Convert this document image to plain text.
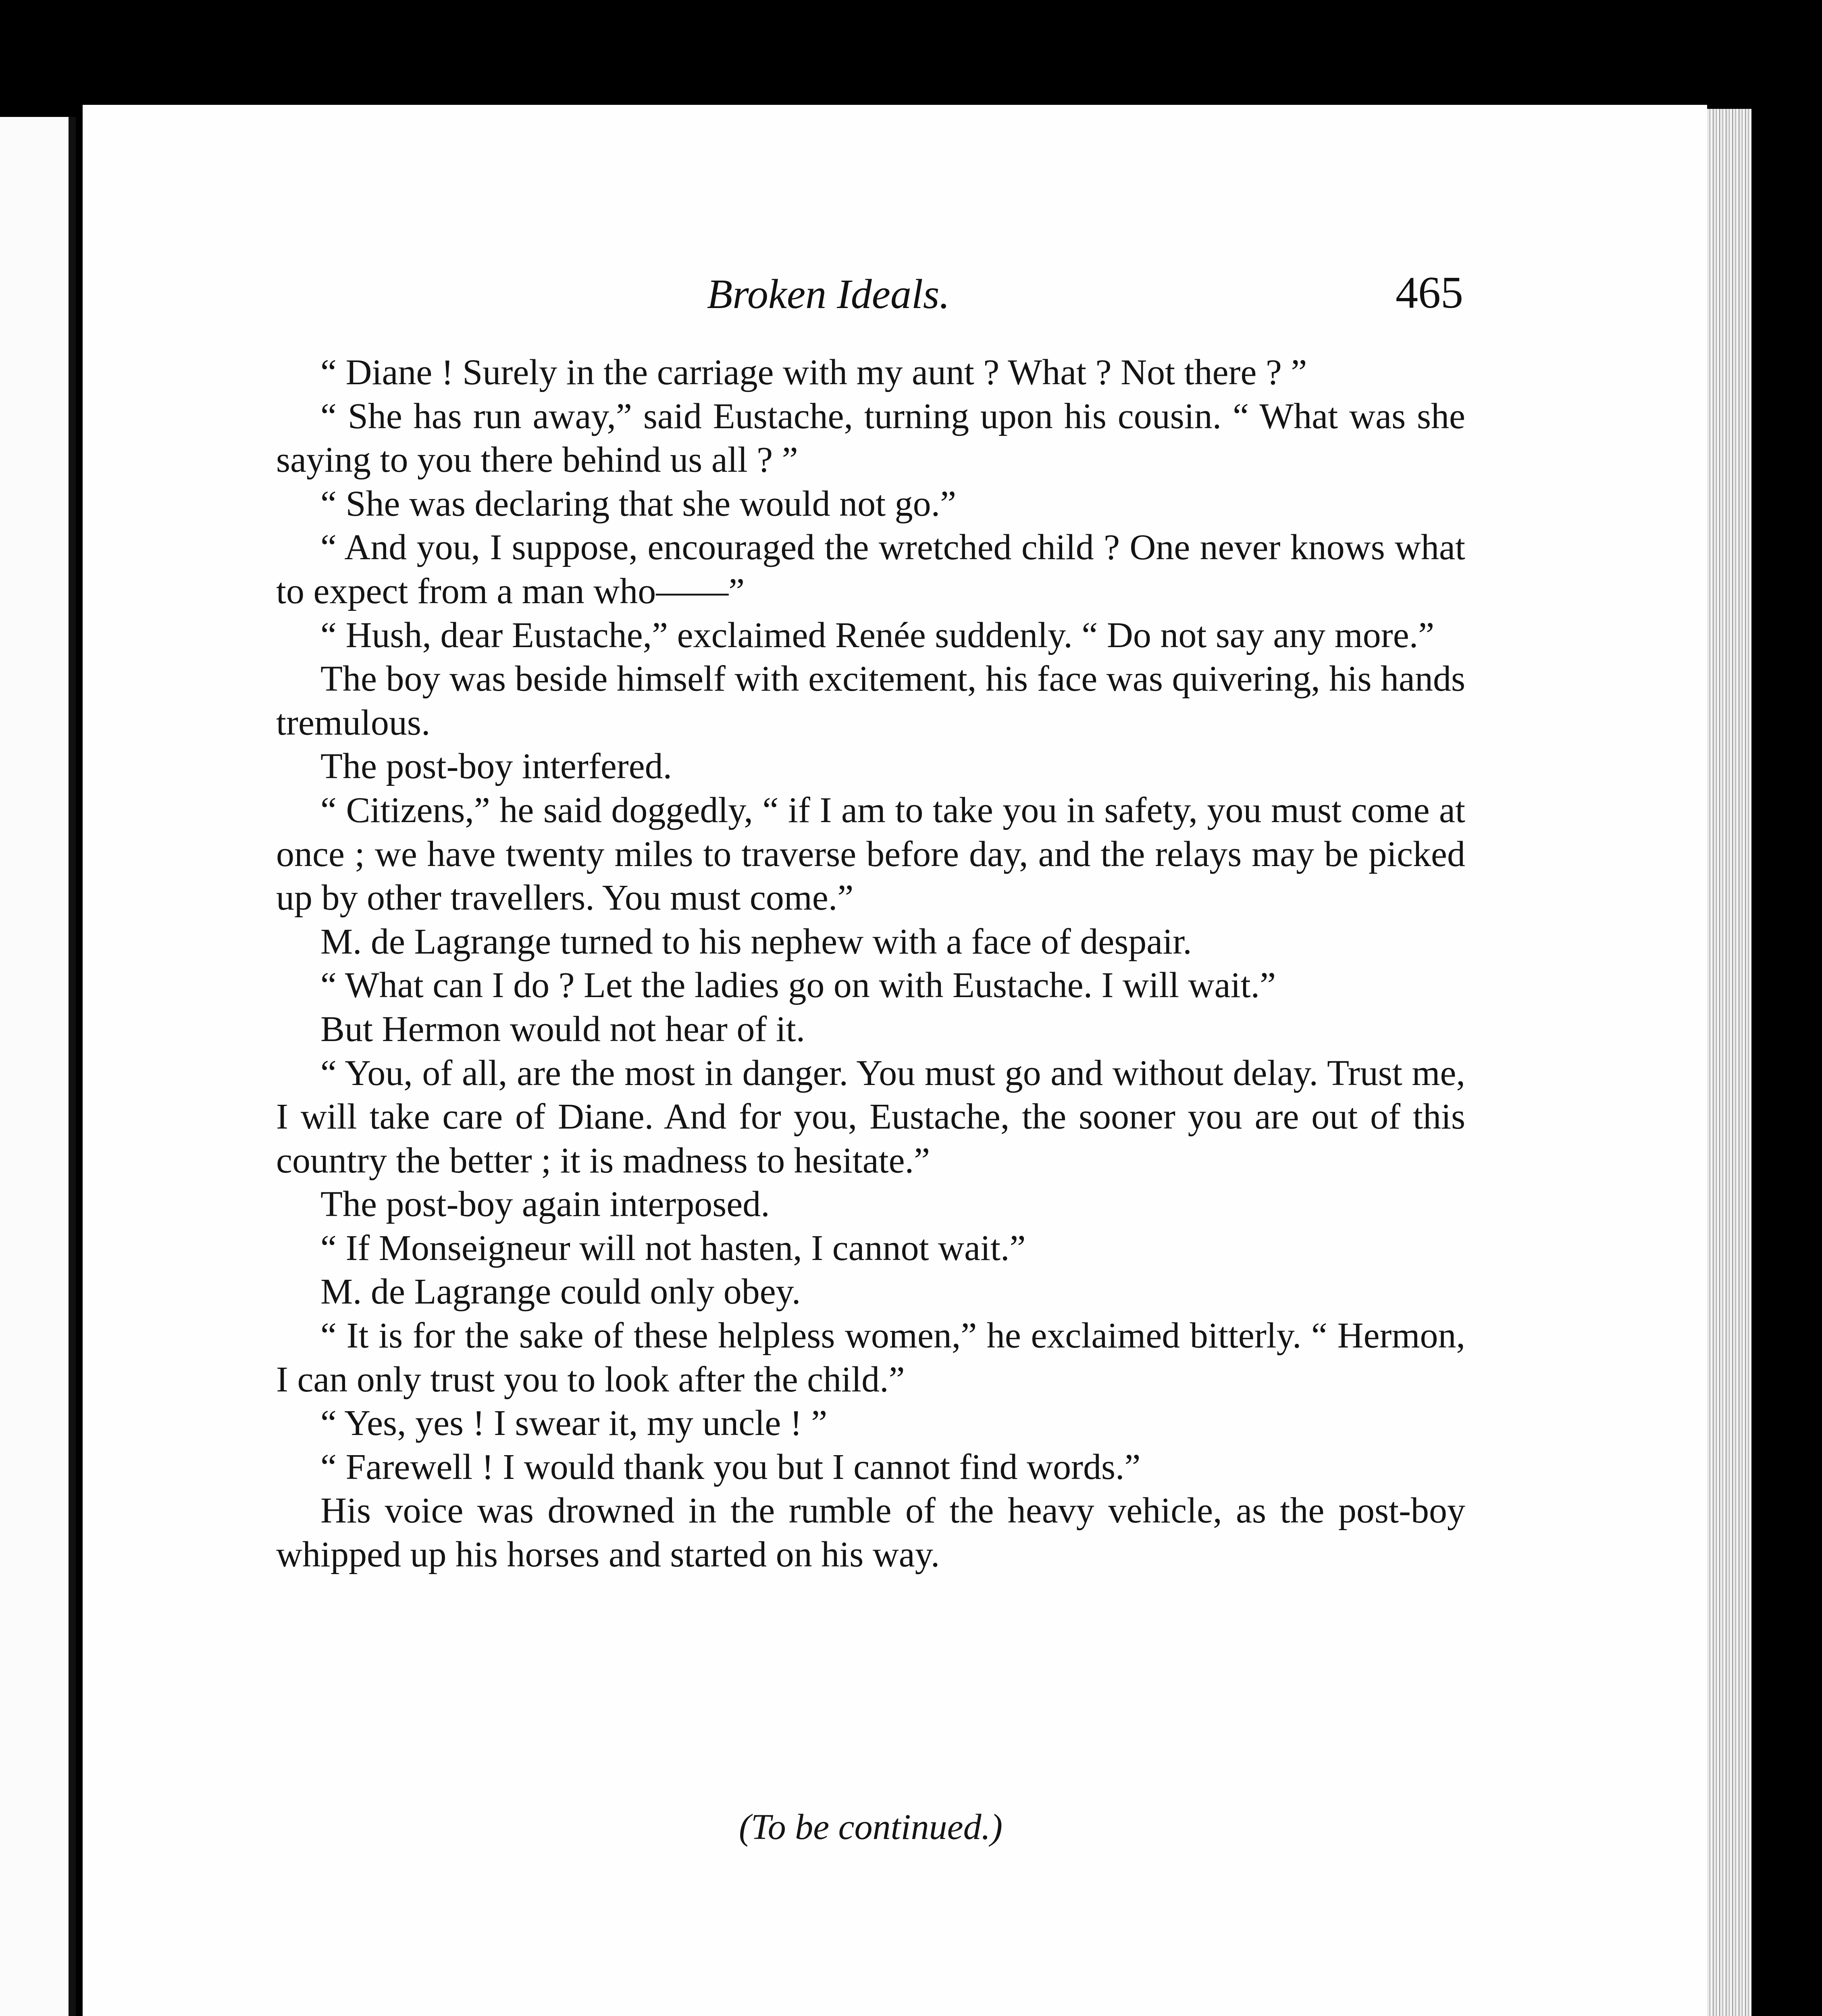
Broken Ideals.	465

“ Diane ! Surely in the carriage with my aunt ? What ? Not there ? ”

“ She has run away,” said Eustache, turning upon his cousin. “ What was she saying to you there behind us all ? ”

“ She was declaring that she would not go.”

“ And you, I suppose, encouraged the wretched child ? One never knows what to expect from a man who——”

“ Hush, dear Eustache,” exclaimed Renée suddenly. “ Do not say any more.”

The boy was beside himself with excitement, his face was quivering, his hands tremulous.

The post-boy interfered.

“ Citizens,” he said doggedly, “ if I am to take you in safety, you must come at once ; we have twenty miles to traverse before day, and the relays may be picked up by other travellers. You must come.”

M. de Lagrange turned to his nephew with a face of despair.

“ What can I do ? Let the ladies go on with Eustache. I will wait.”

But Hermon would not hear of it.

“ You, of all, are the most in danger. You must go and without delay. Trust me, I will take care of Diane. And for you, Eustache, the sooner you are out of this country the better ; it is madness to hesitate.”

The post-boy again interposed.

“ If Monseigneur will not hasten, I cannot wait.”

M. de Lagrange could only obey.

“ It is for the sake of these helpless women,” he exclaimed bitterly. “ Hermon, I can only trust you to look after the child.”

“ Yes, yes ! I swear it, my uncle ! ”

“ Farewell ! I would thank you but I cannot find words.”

His voice was drowned in the rumble of the heavy vehicle, as the post-boy whipped up his horses and started on his way.

(To be continued.)
